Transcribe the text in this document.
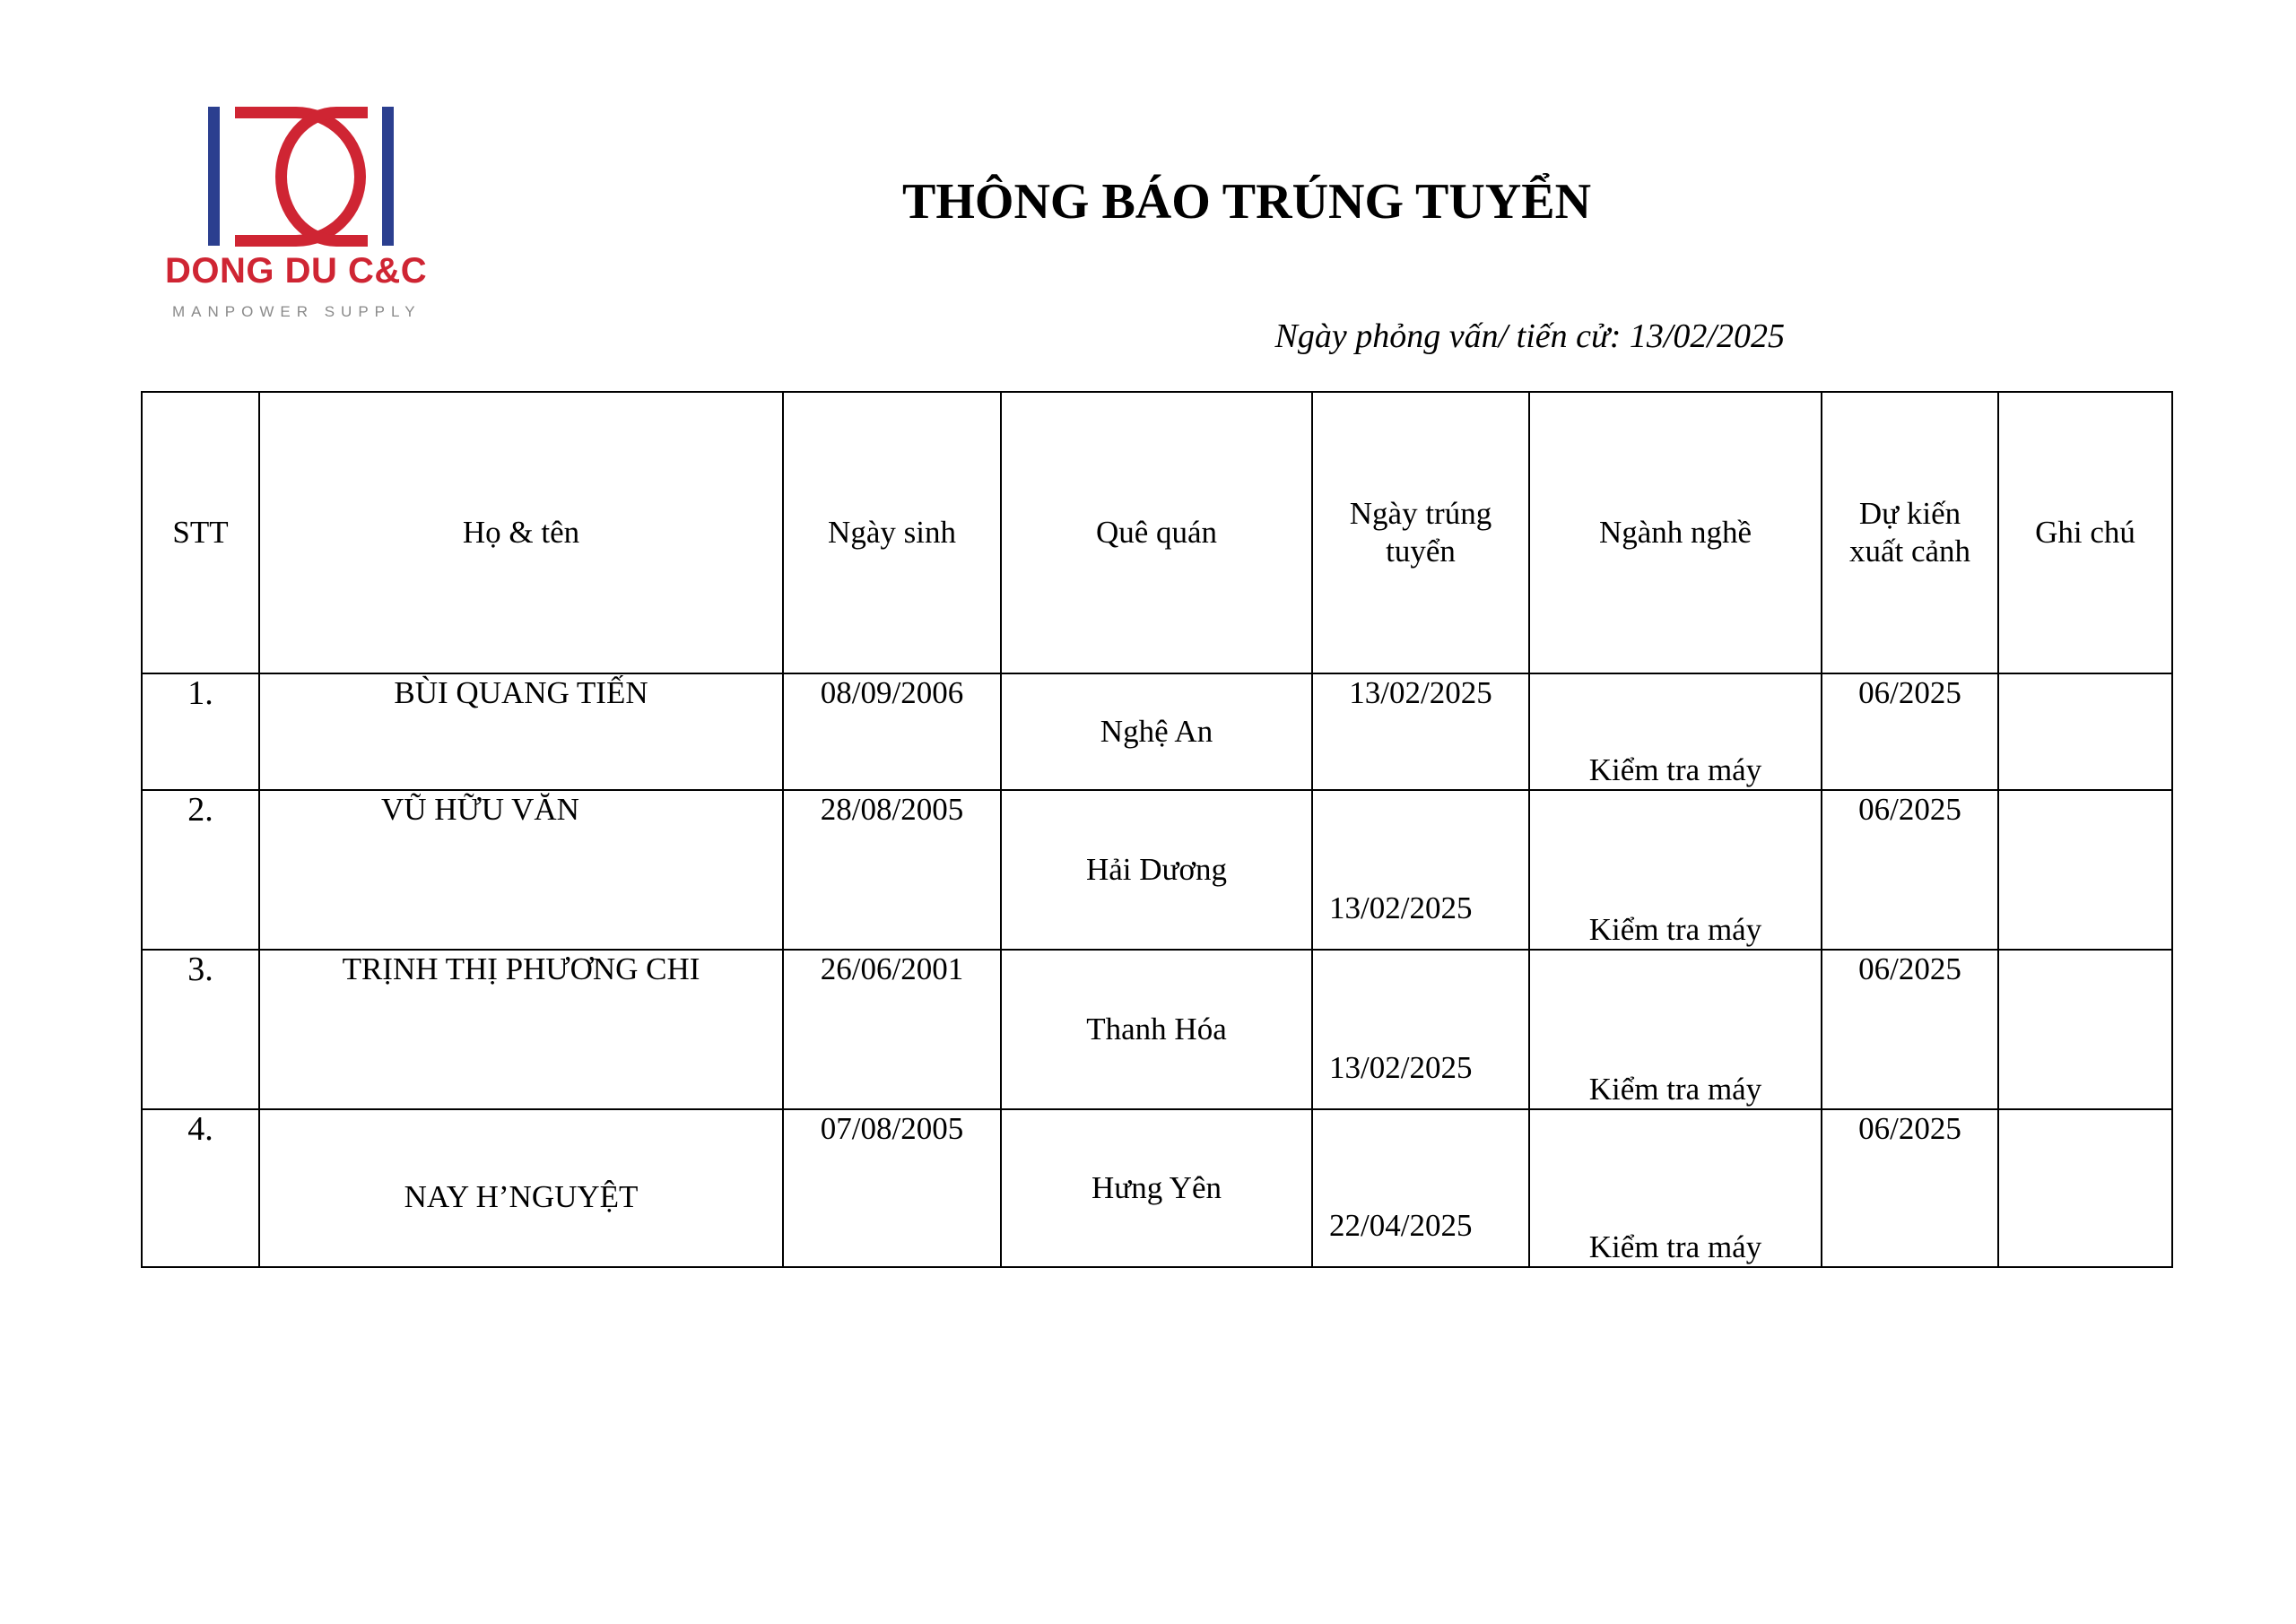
DONG DU C&C
MANPOWER SUPPLY
THÔNG BÁO TRÚNG TUYỂN
Ngày phỏng vấn/ tiến cử: 13/02/2025
STT	Họ & tên	Ngày sinh	Quê quán	Ngày trúng tuyển	Ngành nghề	Dự kiến xuất cảnh	Ghi chú
1.	BÙI QUANG TIẾN	08/09/2006	Nghệ An	13/02/2025	Kiểm tra máy	06/2025	
2.	VŨ HỮU VĂN	28/08/2005	Hải Dương	13/02/2025	Kiểm tra máy	06/2025	
3.	TRỊNH THỊ PHƯƠNG CHI	26/06/2001	Thanh Hóa	13/02/2025	Kiểm tra máy	06/2025	
4.	NAY H’NGUYỆT	07/08/2005	Hưng Yên	22/04/2025	Kiểm tra máy	06/2025	
